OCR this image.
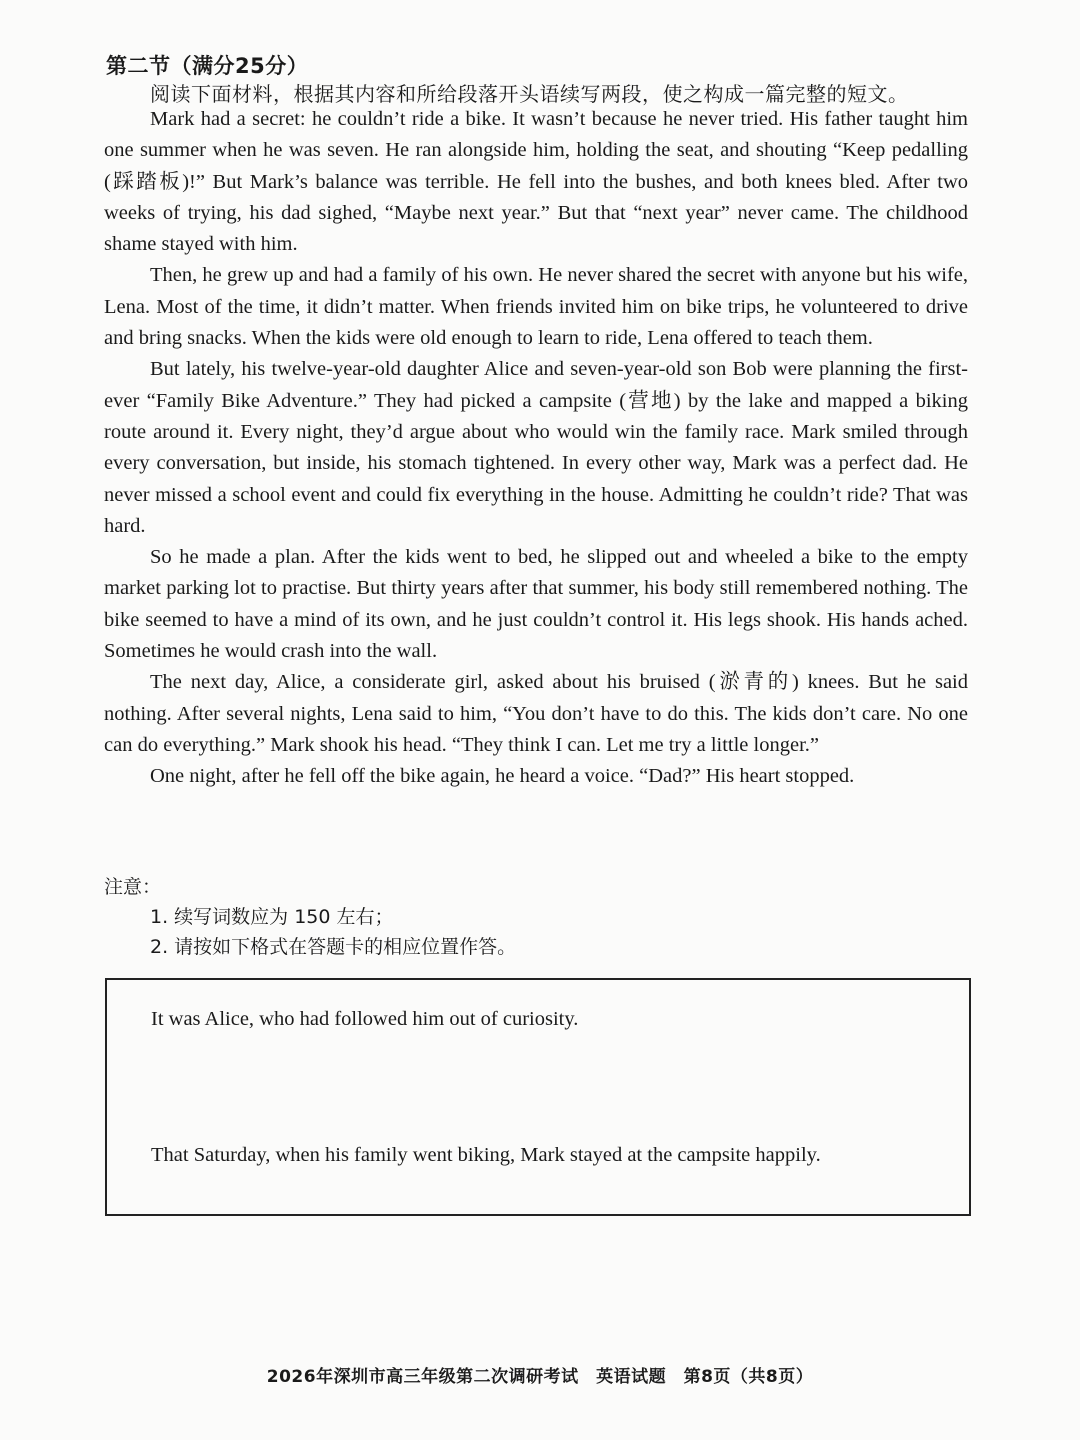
第二节（满分25分）
阅读下面材料，根据其内容和所给段落开头语续写两段，使之构成一篇完整的短文。

Mark had a secret: he couldn’t ride a bike. It wasn’t because he never tried. His father taught him one summer when he was seven. He ran alongside him, holding the seat, and shouting “Keep pedalling (踩踏板)!” But Mark’s balance was terrible. He fell into the bushes, and both knees bled. After two weeks of trying, his dad sighed, “Maybe next year.” But that “next year” never came. The childhood shame stayed with him.

Then, he grew up and had a family of his own. He never shared the secret with anyone but his wife, Lena. Most of the time, it didn’t matter. When friends invited him on bike trips, he volunteered to drive and bring snacks. When the kids were old enough to learn to ride, Lena offered to teach them.

But lately, his twelve-year-old daughter Alice and seven-year-old son Bob were planning the first-ever “Family Bike Adventure.” They had picked a campsite (营地) by the lake and mapped a biking route around it. Every night, they’d argue about who would win the family race. Mark smiled through every conversation, but inside, his stomach tightened. In every other way, Mark was a perfect dad. He never missed a school event and could fix everything in the house. Admitting he couldn’t ride? That was hard.

So he made a plan. After the kids went to bed, he slipped out and wheeled a bike to the empty market parking lot to practise. But thirty years after that summer, his body still remembered nothing. The bike seemed to have a mind of its own, and he just couldn’t control it. His legs shook. His hands ached. Sometimes he would crash into the wall.

The next day, Alice, a considerate girl, asked about his bruised (淤青的) knees. But he said nothing. After several nights, Lena said to him, “You don’t have to do this. The kids don’t care. No one can do everything.” Mark shook his head. “They think I can. Let me try a little longer.”

One night, after he fell off the bike again, he heard a voice. “Dad?” His heart stopped.

注意：
1. 续写词数应为 150 左右；
2. 请按如下格式在答题卡的相应位置作答。
It was Alice, who had followed him out of curiosity.
That Saturday, when his family went biking, Mark stayed at the campsite happily.
2026年深圳市高三年级第二次调研考试　英语试题　第8页（共8页）
